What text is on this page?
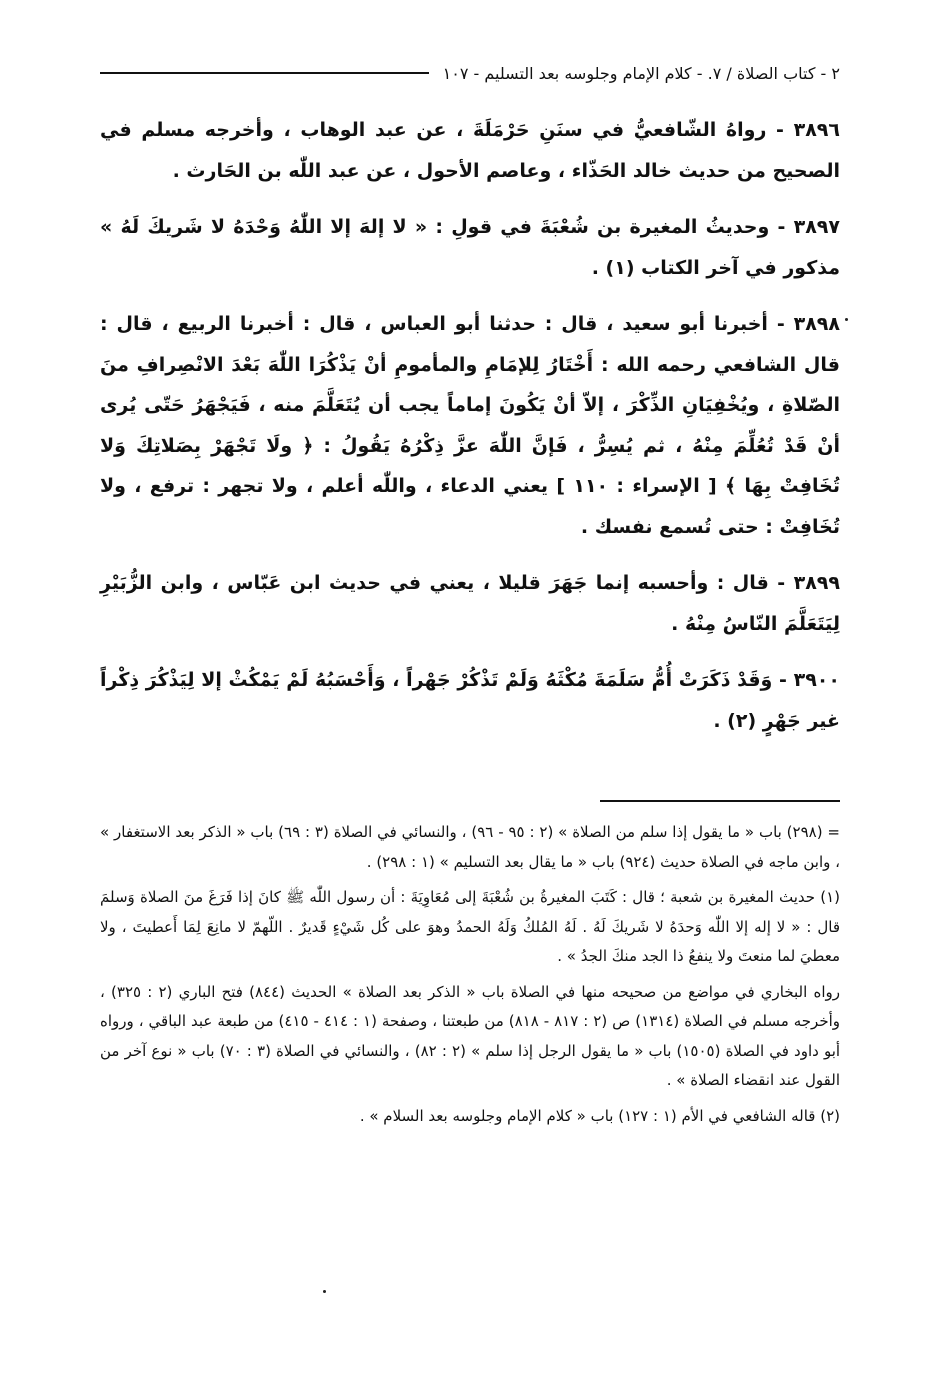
٢ - كتاب الصلاة / ٧. - كلام الإمام وجلوسه بعد التسليم - ١٠٧

٣٨٩٦ - رواهُ الشّافعيُّ في سنَنِ حَرْمَلَةَ ، عن عبد الوهاب ، وأخرجه مسلم في الصحيح من حديث خالد الحَذّاء ، وعاصم الأحول ، عن عبد اللّٰه بن الحَارث .

٣٨٩٧ - وحديثُ المغيرة بن شُعْبَةَ في قولِ : « لا إلهَ إلا اللّٰهُ وَحْدَهُ لا شَريكَ لَهُ » مذكور في آخر الكتاب (١) .

٣٨٩٨ - أخبرنا أبو سعيد ، قال : حدثنا أبو العباس ، قال : أخبرنا الربيع ، قال : قال الشافعي رحمه الله : أَخْتَارُ لِلإمَامِ والمأمومِ أنْ يَذْكُرَا اللّٰهَ بَعْدَ الانْصِرافِ منَ الصّلاةِ ، ويُخْفِيَانِ الذِّكْرَ ، إلاّ أنْ يَكُونَ إماماً يجب أن يُتَعَلَّمَ منه ، فَيَجْهَرُ حَتّى يُرى أنْ قَدْ تُعُلِّمَ مِنْهُ ، ثم يُسِرُّ ، فَإنَّ اللّٰهَ عزَّ ذِكْرُهُ يَقُولُ : ﴿ ولَا تَجْهَرْ بِصَلاتِكَ وَلا تُخَافِتْ بِهَا ﴾ [ الإسراء : ١١٠ ] يعني الدعاء ، واللّٰه أعلم ، ولا تجهر : ترفع ، ولا تُخَافِتْ : حتى تُسمع نفسك .

٣٨٩٩ - قال : وأحسبه إنما جَهَرَ قليلا ، يعني في حديث ابن عَبّاس ، وابن الزُّبَيْرِ لِيَتَعَلَّمَ النّاسُ مِنْهُ .

٣٩٠٠ - وَقَدْ ذَكَرَتْ أُمُّ سَلَمَةَ مُكْثَهُ وَلَمْ تَذْكُرْ جَهْراً ، وَأَحْسَبُهُ لَمْ يَمْكُثْ إلا لِيَذْكُرَ ذِكْراً غير جَهْرٍ (٢) .

= (٢٩٨) باب « ما يقول إذا سلم من الصلاة » (٢ : ٩٥ - ٩٦) ، والنسائي في الصلاة (٣ : ٦٩) باب « الذكر بعد الاستغفار » ، وابن ماجه في الصلاة حديث (٩٢٤) باب « ما يقال بعد التسليم » (١ : ٢٩٨) .

(١) حديث المغيرة بن شعبة ؛ قال : كَتَبَ المغيرةُ بن شُعْبَةَ إلى مُعَاوِيَةَ : أن رسول اللّٰه ﷺ كانَ إذا فَرَغَ منَ الصلاة وَسلمَ قال : « لا إله إلا اللّٰه وَحدَهُ لا شَريكَ لَهُ . لَهُ المُلكُ وَلَهُ الحمدُ وهوَ على كُل شَيْءٍ قَديرٌ . اللّهمّ لا مانِعَ لِمَا أَعطيتَ ، ولا معطيَ لما منعتَ ولا ينفعُ ذا الجد منكَ الجدُ » .

رواه البخاري في مواضع من صحيحه منها في الصلاة باب « الذكر بعد الصلاة » الحديث (٨٤٤) فتح الباري (٢ : ٣٢٥) ، وأخرجه مسلم في الصلاة (١٣١٤) ص (٢ : ٨١٧ - ٨١٨) من طبعتنا ، وصفحة (١ : ٤١٤ - ٤١٥) من طبعة عبد الباقي ، ورواه أبو داود في الصلاة (١٥٠٥) باب « ما يقول الرجل إذا سلم » (٢ : ٨٢) ، والنسائي في الصلاة (٣ : ٧٠) باب « نوع آخر من القول عند انقضاء الصلاة » .

(٢) قاله الشافعي في الأم (١ : ١٢٧) باب « كلام الإمام وجلوسه بعد السلام » .
